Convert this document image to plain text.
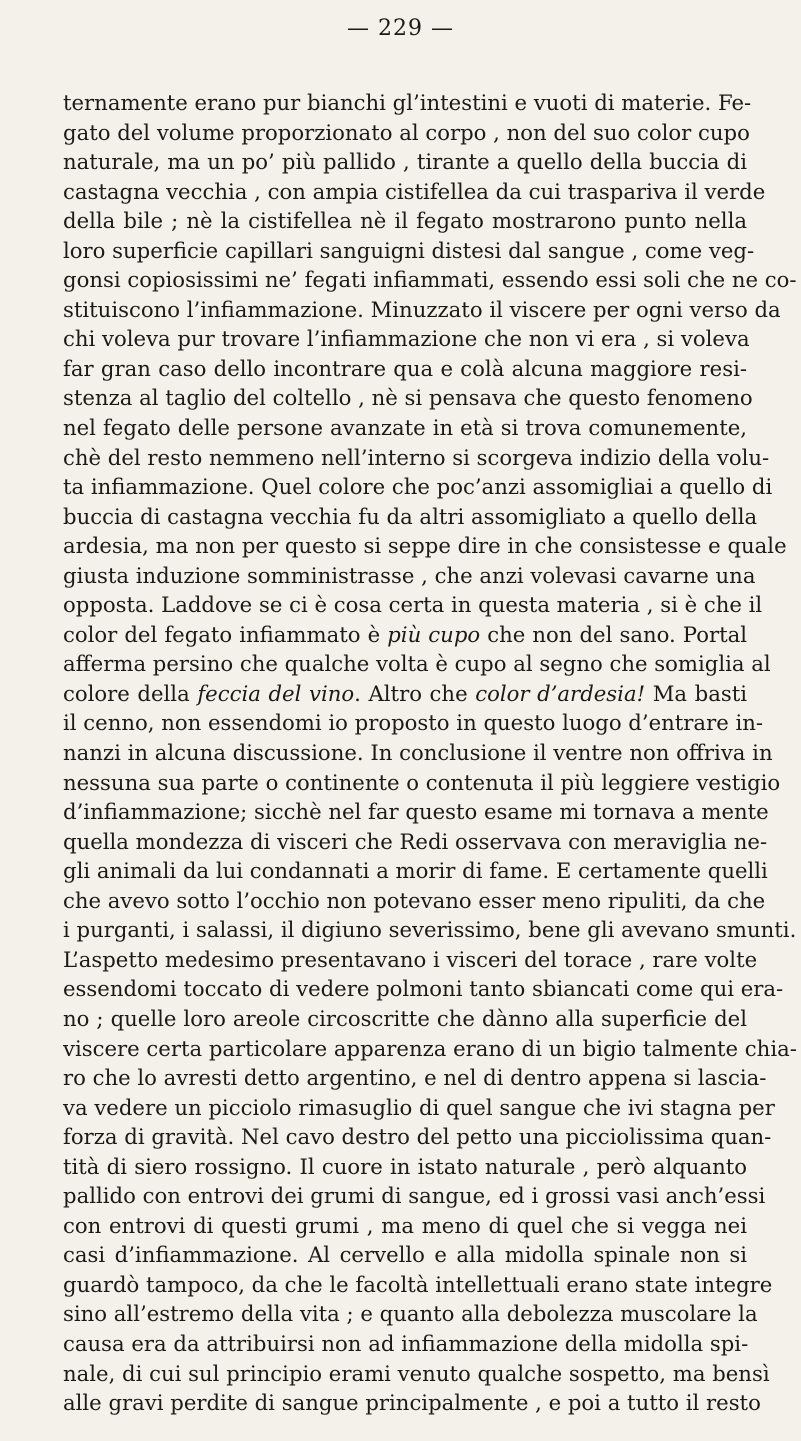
— 229 —
ternamente erano pur bianchi gl’intestini e vuoti di materie. Fe-
gato del volume proporzionato al corpo , non del suo color cupo
naturale, ma un po’ più pallido , tirante a quello della buccia di
castagna vecchia , con ampia cistifellea da cui traspariva il verde
della bile ; nè la cistifellea nè il fegato mostrarono punto nella
loro superficie capillari sanguigni distesi dal sangue , come veg-
gonsi copiosissimi ne’ fegati infiammati, essendo essi soli che ne co-
stituiscono l’infiammazione. Minuzzato il viscere per ogni verso da
chi voleva pur trovare l’infiammazione che non vi era , si voleva
far gran caso dello incontrare qua e colà alcuna maggiore resi-
stenza al taglio del coltello , nè si pensava che questo fenomeno
nel fegato delle persone avanzate in età si trova comunemente,
chè del resto nemmeno nell’interno si scorgeva indizio della volu-
ta infiammazione. Quel colore che poc’anzi assomigliai a quello di
buccia di castagna vecchia fu da altri assomigliato a quello della
ardesia, ma non per questo si seppe dire in che consistesse e quale
giusta induzione somministrasse , che anzi volevasi cavarne una
opposta. Laddove se ci è cosa certa in questa materia , si è che il
color del fegato infiammato è più cupo che non del sano. Portal
afferma persino che qualche volta è cupo al segno che somiglia al
colore della feccia del vino. Altro che color d’ardesia! Ma basti
il cenno, non essendomi io proposto in questo luogo d’entrare in-
nanzi in alcuna discussione. In conclusione il ventre non offriva in
nessuna sua parte o continente o contenuta il più leggiere vestigio
d’infiammazione; sicchè nel far questo esame mi tornava a mente
quella mondezza di visceri che Redi osservava con meraviglia ne-
gli animali da lui condannati a morir di fame. E certamente quelli
che avevo sotto l’occhio non potevano esser meno ripuliti, da che
i purganti, i salassi, il digiuno severissimo, bene gli avevano smunti.
L’aspetto medesimo presentavano i visceri del torace , rare volte
essendomi toccato di vedere polmoni tanto sbiancati come qui era-
no ; quelle loro areole circoscritte che dànno alla superficie del
viscere certa particolare apparenza erano di un bigio talmente chia-
ro che lo avresti detto argentino, e nel di dentro appena si lascia-
va vedere un picciolo rimasuglio di quel sangue che ivi stagna per
forza di gravità. Nel cavo destro del petto una picciolissima quan-
tità di siero rossigno. Il cuore in istato naturale , però alquanto
pallido con entrovi dei grumi di sangue, ed i grossi vasi anch’essi
con entrovi di questi grumi , ma meno di quel che si vegga nei
casi d’infiammazione. Al cervello e alla midolla spinale non si
guardò tampoco, da che le facoltà intellettuali erano state integre
sino all’estremo della vita ; e quanto alla debolezza muscolare la
causa era da attribuirsi non ad infiammazione della midolla spi-
nale, di cui sul principio erami venuto qualche sospetto, ma bensì
alle gravi perdite di sangue principalmente , e poi a tutto il resto
